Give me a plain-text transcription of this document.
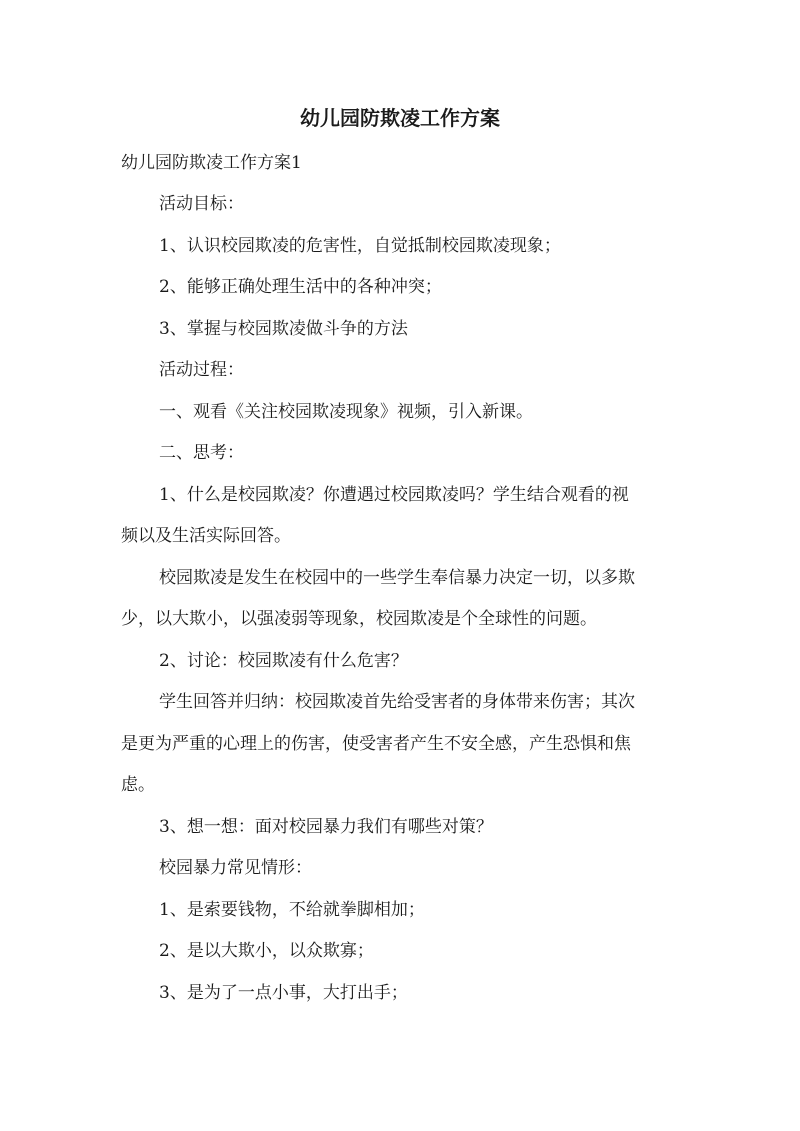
幼儿园防欺凌工作方案

幼儿园防欺凌工作方案1

活动目标：

1、认识校园欺凌的危害性，自觉抵制校园欺凌现象；

2、能够正确处理生活中的各种冲突；

3、掌握与校园欺凌做斗争的方法

活动过程：

一、观看《关注校园欺凌现象》视频，引入新课。

二、思考：

1、什么是校园欺凌？你遭遇过校园欺凌吗？学生结合观看的视

频以及生活实际回答。

校园欺凌是发生在校园中的一些学生奉信暴力决定一切，以多欺

少，以大欺小，以强凌弱等现象，校园欺凌是个全球性的问题。

2、讨论：校园欺凌有什么危害？

学生回答并归纳：校园欺凌首先给受害者的身体带来伤害；其次

是更为严重的心理上的伤害，使受害者产生不安全感，产生恐惧和焦

虑。

3、想一想：面对校园暴力我们有哪些对策？

校园暴力常见情形：

1、是索要钱物，不给就拳脚相加；

2、是以大欺小，以众欺寡；

3、是为了一点小事，大打出手；
